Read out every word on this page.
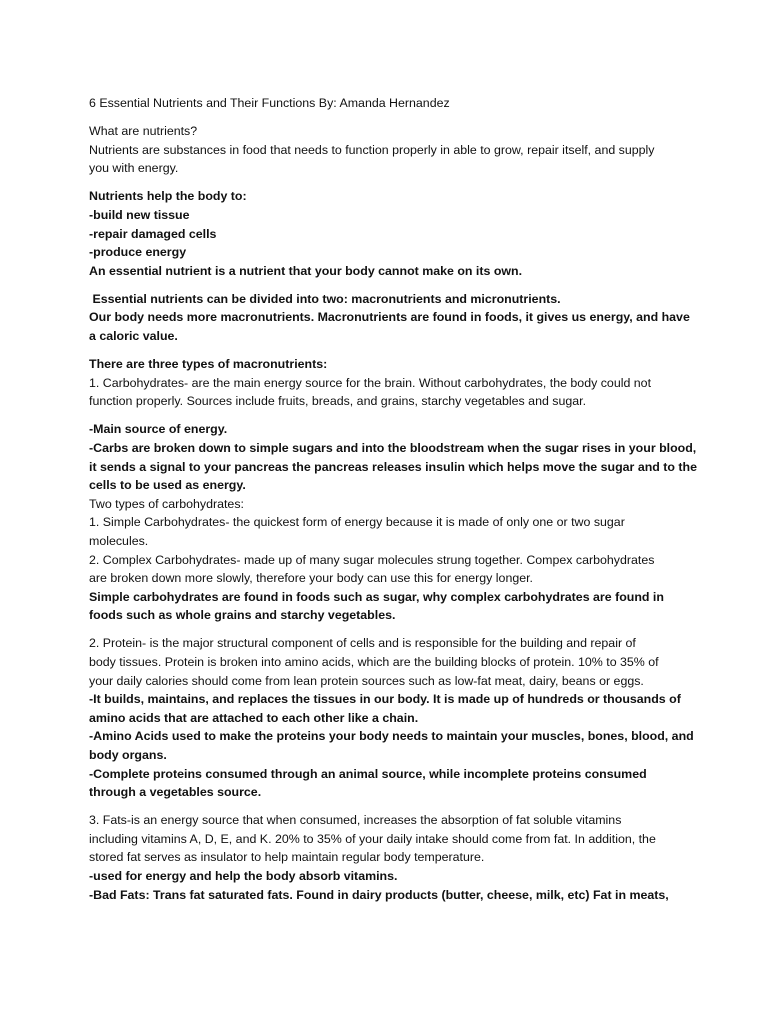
6 Essential Nutrients and Their Functions By: Amanda Hernandez
What are nutrients?
Nutrients are substances in food that needs to function properly in able to grow, repair itself, and supply
you with energy.
Nutrients help the body to:
-build new tissue
-repair damaged cells
-produce energy
An essential nutrient is a nutrient that your body cannot make on its own.
Essential nutrients can be divided into two: macronutrients and micronutrients.
Our body needs more macronutrients. Macronutrients are found in foods, it gives us energy, and have
a caloric value.
There are three types of macronutrients:
1. Carbohydrates- are the main energy source for the brain. Without carbohydrates, the body could not
function properly. Sources include fruits, breads, and grains, starchy vegetables and sugar.
-Main source of energy.
-Carbs are broken down to simple sugars and into the bloodstream when the sugar rises in your blood,
it sends a signal to your pancreas the pancreas releases insulin which helps move the sugar and to the
cells to be used as energy.
Two types of carbohydrates:
1. Simple Carbohydrates- the quickest form of energy because it is made of only one or two sugar
molecules.
2. Complex Carbohydrates- made up of many sugar molecules strung together. Compex carbohydrates
are broken down more slowly, therefore your body can use this for energy longer.
Simple carbohydrates are found in foods such as sugar, why complex carbohydrates are found in
foods such as whole grains and starchy vegetables.
2. Protein- is the major structural component of cells and is responsible for the building and repair of
body tissues. Protein is broken into amino acids, which are the building blocks of protein. 10% to 35% of
your daily calories should come from lean protein sources such as low-fat meat, dairy, beans or eggs.
-It builds, maintains, and replaces the tissues in our body. It is made up of hundreds or thousands of
amino acids that are attached to each other like a chain.
-Amino Acids used to make the proteins your body needs to maintain your muscles, bones, blood, and
body organs.
-Complete proteins consumed through an animal source, while incomplete proteins consumed
through a vegetables source.
3. Fats-is an energy source that when consumed, increases the absorption of fat soluble vitamins
including vitamins A, D, E, and K. 20% to 35% of your daily intake should come from fat. In addition, the
stored fat serves as insulator to help maintain regular body temperature.
-used for energy and help the body absorb vitamins.
-Bad Fats: Trans fat saturated fats. Found in dairy products (butter, cheese, milk, etc) Fat in meats,
